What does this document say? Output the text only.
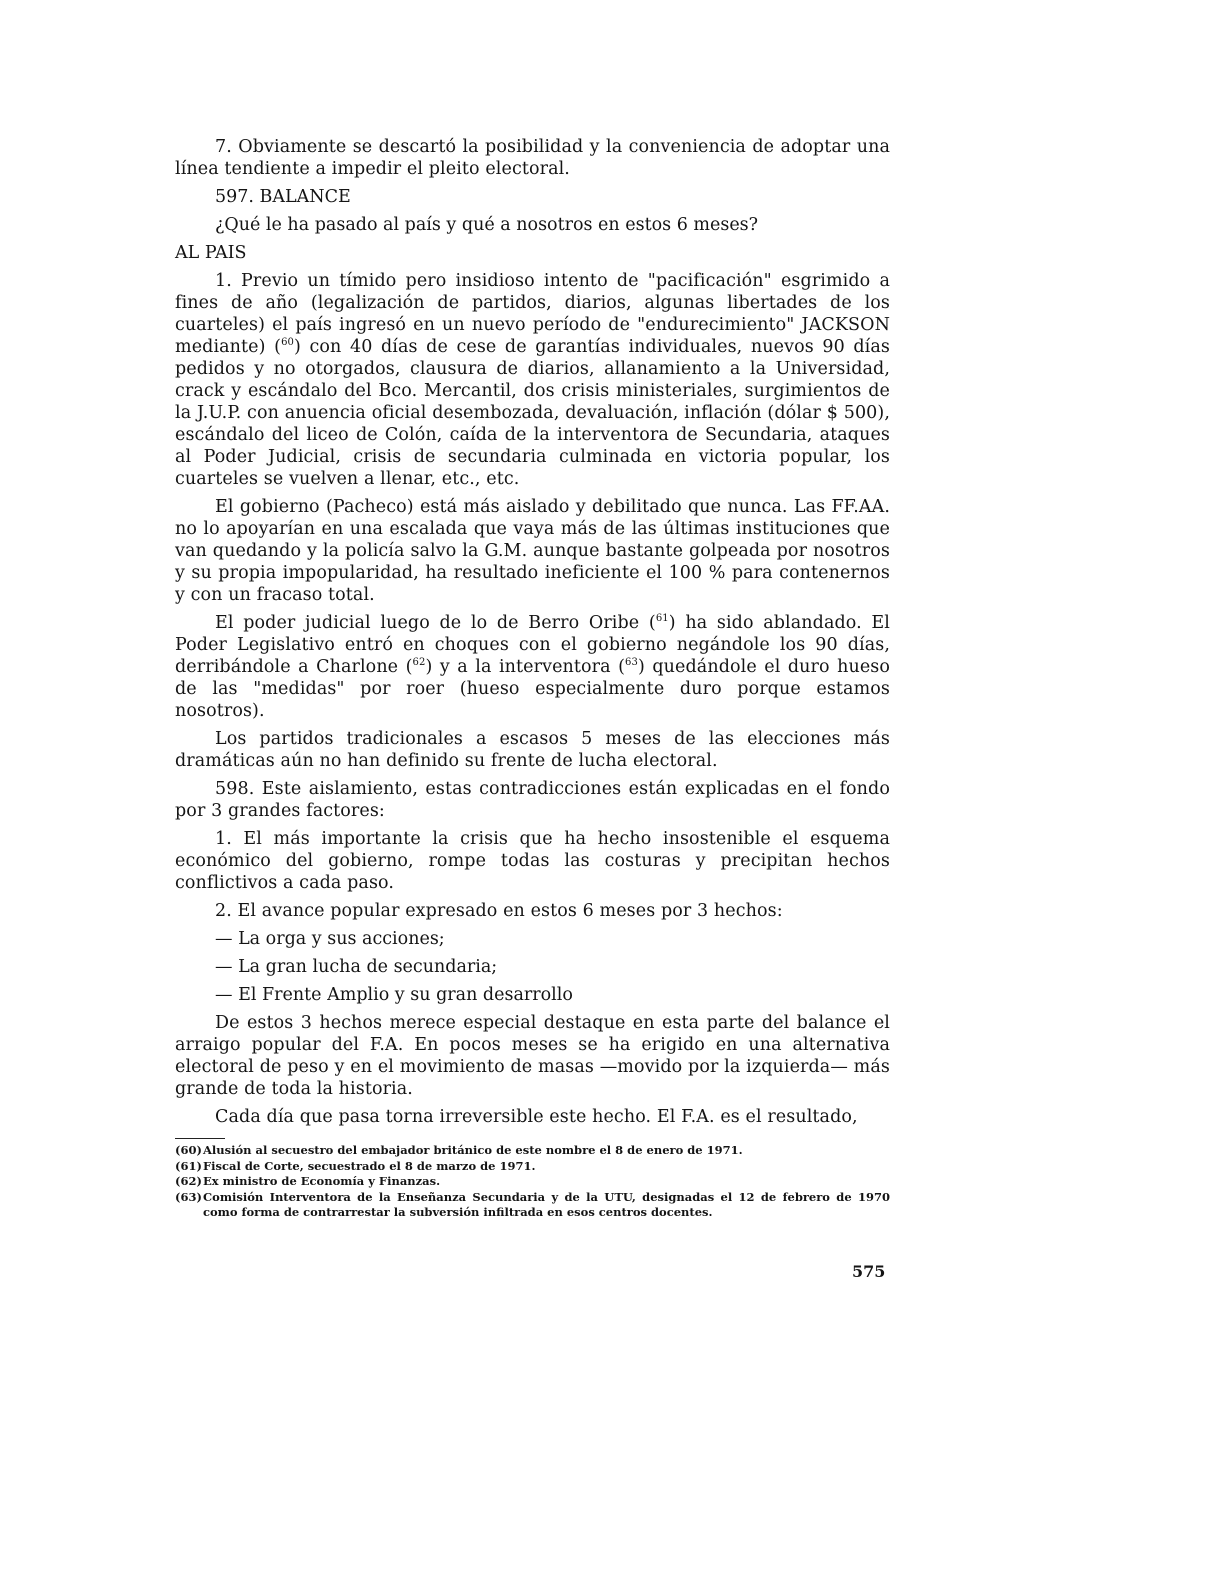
7. Obviamente se descartó la posibilidad y la conveniencia de adoptar una línea tendiente a impedir el pleito electoral.

597. BALANCE

¿Qué le ha pasado al país y qué a nosotros en estos 6 meses?

AL PAIS

1. Previo un tímido pero insidioso intento de "pacificación" esgrimido a fines de año (legalización de partidos, diarios, algunas libertades de los cuarteles) el país ingresó en un nuevo período de "endurecimiento" JACKSON mediante) ($^{60}$) con 40 días de cese de garantías individuales, nuevos 90 días pedidos y no otorgados, clausura de diarios, allanamiento a la Universidad, crack y escándalo del Bco. Mercantil, dos crisis ministeriales, surgimientos de la J.U.P. con anuencia oficial desembozada, devaluación, inflación (dólar $ 500), escándalo del liceo de Colón, caída de la interventora de Secundaria, ataques al Poder Judicial, crisis de secundaria culminada en victoria popular, los cuarteles se vuelven a llenar, etc., etc.

El gobierno (Pacheco) está más aislado y debilitado que nunca. Las FF.AA. no lo apoyarían en una escalada que vaya más de las últimas instituciones que van quedando y la policía salvo la G.M. aunque bastante golpeada por nosotros y su propia impopularidad, ha resultado ineficiente el 100 % para contenernos y con un fracaso total.

El poder judicial luego de lo de Berro Oribe ($^{61}$) ha sido ablandado. El Poder Legislativo entró en choques con el gobierno negándole los 90 días, derribándole a Charlone ($^{62}$) y a la interventora ($^{63}$) quedándole el duro hueso de las "medidas" por roer (hueso especialmente duro porque estamos nosotros).

Los partidos tradicionales a escasos 5 meses de las elecciones más dramáticas aún no han definido su frente de lucha electoral.

598. Este aislamiento, estas contradicciones están explicadas en el fondo por 3 grandes factores:

1. El más importante la crisis que ha hecho insostenible el esquema económico del gobierno, rompe todas las costuras y precipitan hechos conflictivos a cada paso.

2. El avance popular expresado en estos 6 meses por 3 hechos:

— La orga y sus acciones;

— La gran lucha de secundaria;

— El Frente Amplio y su gran desarrollo

De estos 3 hechos merece especial destaque en esta parte del balance el arraigo popular del F.A. En pocos meses se ha erigido en una alternativa electoral de peso y en el movimiento de masas —movido por la izquierda— más grande de toda la historia.

Cada día que pasa torna irreversible este hecho. El F.A. es el resultado,

(60)Alusión al secuestro del embajador británico de este nombre el 8 de enero de 1971.

(61)Fiscal de Corte, secuestrado el 8 de marzo de 1971.

(62)Ex ministro de Economía y Finanzas.

(63)Comisión Interventora de la Enseñanza Secundaria y de la UTU, designadas el 12 de febrero de 1970 como forma de contrarrestar la subversión infiltrada en esos centros docentes.

575
